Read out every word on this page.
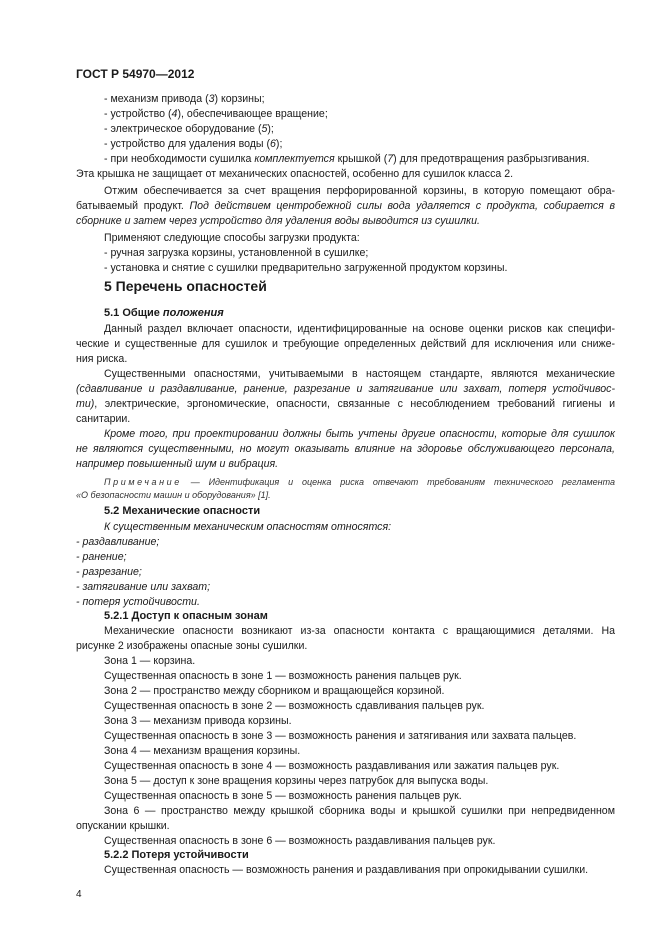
ГОСТ Р 54970—2012
- механизм привода (3) корзины;
- устройство (4), обеспечивающее вращение;
- электрическое оборудование (5);
- устройство для удаления воды (6);
- при необходимости сушилка комплектуется крышкой (7) для предотвращения разбрызгивания.
Эта крышка не защищает от механических опасностей, особенно для сушилок класса 2.
Отжим обеспечивается за счет вращения перфорированной корзины, в которую помещают обра-
батываемый продукт. Под действием центробежной силы вода удаляется с продукта, собирается в
сборнике и затем через устройство для удаления воды выводится из сушилки.
Применяют следующие способы загрузки продукта:
- ручная загрузка корзины, установленной в сушилке;
- установка и снятие с сушилки предварительно загруженной продуктом корзины.
5 Перечень опасностей
5.1 Общие положения
Данный раздел включает опасности, идентифицированные на основе оценки рисков как специфи-
ческие и существенные для сушилок и требующие определенных действий для исключения или сниже-
ния риска.
Существенными опасностями, учитываемыми в настоящем стандарте, являются механические
(сдавливание и раздавливание, ранение, разрезание и затягивание или захват, потеря устойчивос-
ти), электрические, эргономические, опасности, связанные с несоблюдением требований гигиены и
санитарии.
Кроме того, при проектировании должны быть учтены другие опасности, которые для сушилок
не являются существенными, но могут оказывать влияние на здоровье обслуживающего персонала,
например повышенный шум и вибрация.
Примечание — Идентификация и оценка риска отвечают требованиям технического регламента
«О безопасности машин и оборудования» [1].
5.2 Механические опасности
К существенным механическим опасностям относятся:
- раздавливание;
- ранение;
- разрезание;
- затягивание или захват;
- потеря устойчивости.
5.2.1 Доступ к опасным зонам
Механические опасности возникают из-за опасности контакта с вращающимися деталями. На
рисунке 2 изображены опасные зоны сушилки.
Зона 1 — корзина.
Существенная опасность в зоне 1 — возможность ранения пальцев рук.
Зона 2 — пространство между сборником и вращающейся корзиной.
Существенная опасность в зоне 2 — возможность сдавливания пальцев рук.
Зона 3 — механизм привода корзины.
Существенная опасность в зоне 3 — возможность ранения и затягивания или захвата пальцев.
Зона 4 — механизм вращения корзины.
Существенная опасность в зоне 4 — возможность раздавливания или зажатия пальцев рук.
Зона 5 — доступ к зоне вращения корзины через патрубок для выпуска воды.
Существенная опасность в зоне 5 — возможность ранения пальцев рук.
Зона 6 — пространство между крышкой сборника воды и крышкой сушилки при непредвиденном
опускании крышки.
Существенная опасность в зоне 6 — возможность раздавливания пальцев рук.
5.2.2 Потеря устойчивости
Существенная опасность — возможность ранения и раздавливания при опрокидывании сушилки.
4
